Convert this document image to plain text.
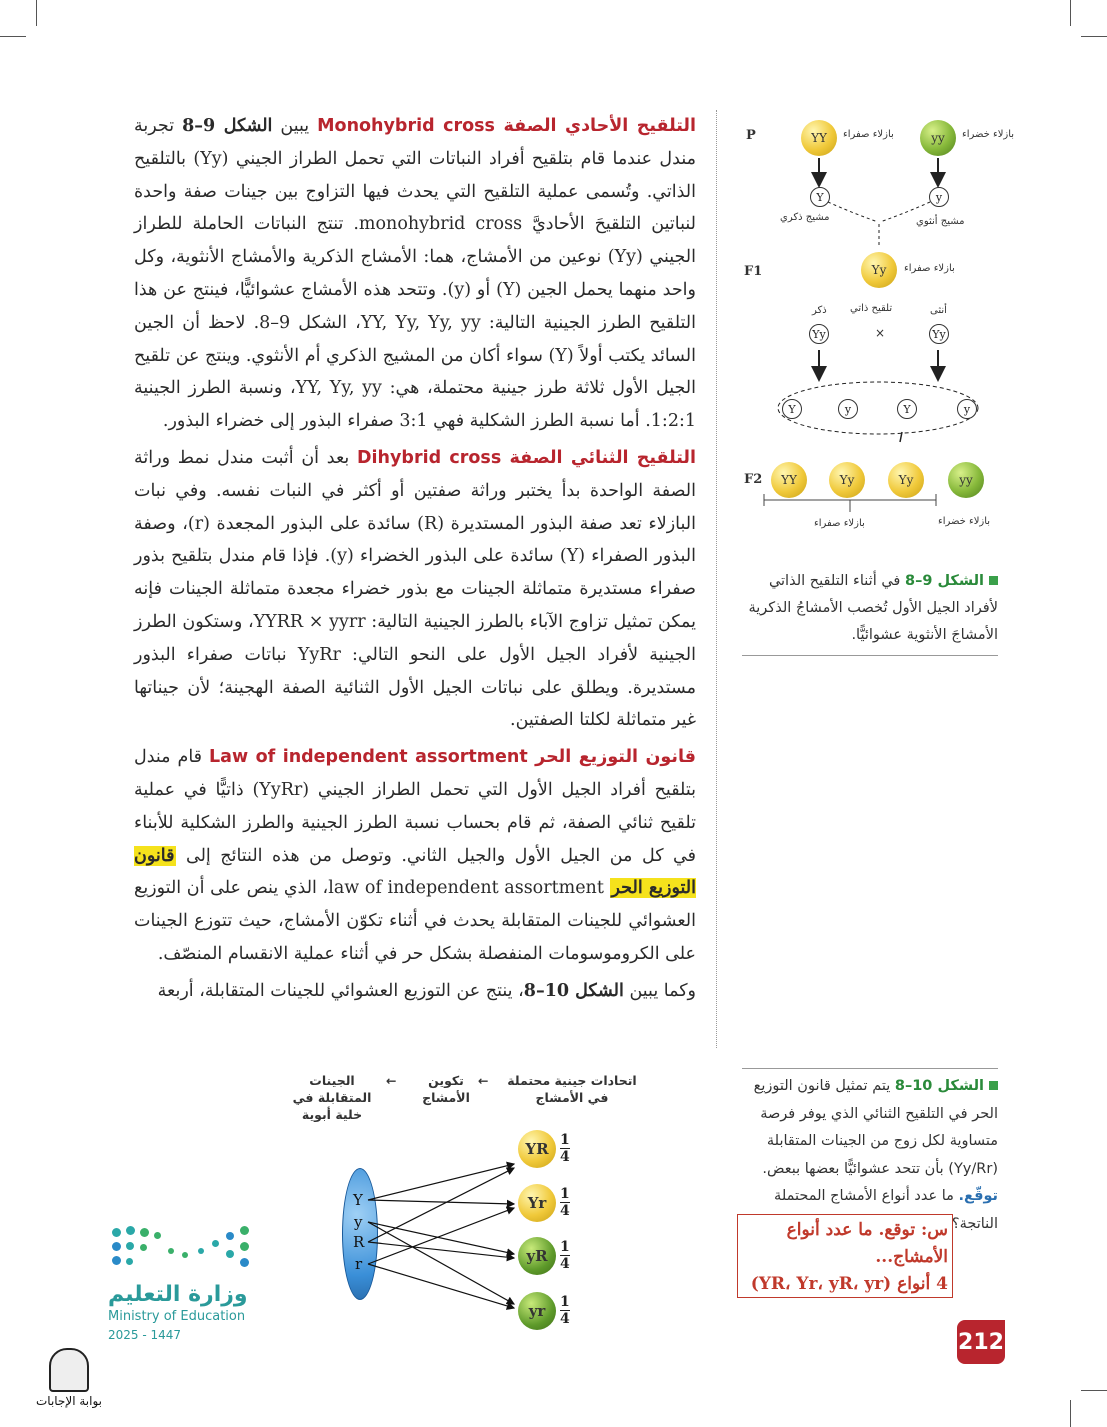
التلقيح الأحادي الصفة Monohybrid cross يبين الشكل 9–8 تجربة مندل عندما قام بتلقيح أفراد النباتات التي تحمل الطراز الجيني (Yy) بالتلقيح الذاتي. وتُسمى عملية التلقيح التي يحدث فيها التزاوج بين جينات صفة واحدة لنباتين التلقيحَ الأحاديَّ monohybrid cross. تنتج النباتات الحاملة للطراز الجيني (Yy) نوعين من الأمشاج، هما: الأمشاج الذكرية والأمشاج الأنثوية، وكل واحد منهما يحمل الجين (Y) أو (y). وتتحد هذه الأمشاج عشوائيًّا، فينتج عن هذا التلقيح الطرز الجينية التالية: YY, Yy, Yy, yy، الشكل 9–8. لاحظ أن الجين السائد يكتب أولاً (Y) سواء أكان من المشيج الذكري أم الأنثوي. وينتج عن تلقيح الجيل الأول ثلاثة طرز جينية محتملة، هي: YY, Yy, yy، ونسبة الطرز الجينية 1:2:1. أما نسبة الطرز الشكلية فهي 3:1 صفراء البذور إلى خضراء البذور.

التلقيح الثنائي الصفة Dihybrid cross بعد أن أثبت مندل نمط وراثة الصفة الواحدة بدأ يختبر وراثة صفتين أو أكثر في النبات نفسه. وفي نبات البازلاء تعد صفة البذور المستديرة (R) سائدة على البذور المجعدة (r)، وصفة البذور الصفراء (Y) سائدة على البذور الخضراء (y). فإذا قام مندل بتلقيح بذور صفراء مستديرة متماثلة الجينات مع بذور خضراء مجعدة متماثلة الجينات فإنه يمكن تمثيل تزاوج الآباء بالطرز الجينية التالية: YYRR × yyrr، وستكون الطرز الجينية لأفراد الجيل الأول على النحو التالي: YyRr نباتات صفراء البذور مستديرة. ويطلق على نباتات الجيل الأول الثنائية الصفة الهجينة؛ لأن جيناتها غير متماثلة لكلتا الصفتين.

قانون التوزيع الحر Law of independent assortment قام مندل بتلقيح أفراد الجيل الأول التي تحمل الطراز الجيني (YyRr) ذاتيًّا في عملية تلقيح ثنائي الصفة، ثم قام بحساب نسبة الطرز الجينية والطرز الشكلية للأبناء في كل من الجيل الأول والجيل الثاني. وتوصل من هذه النتائج إلى قانون التوزيع الحر law of independent assortment، الذي ينص على أن التوزيع العشوائي للجينات المتقابلة يحدث في أثناء تكوّن الأمشاج، حيث تتوزع الجينات على الكروموسومات المنفصلة بشكل حر في أثناء عملية الانقسام المنصّف.

وكما يبين الشكل 10–8، ينتج عن التوزيع العشوائي للجينات المتقابلة، أربعة

P	بازلاء صفراء
YY	بازلاء خضراء
yy
Y	y
مشيج ذكري	مشيج أنثوي
F1	Yy	بازلاء صفراء
ذكر تلقيح ذاتي	أنثى
Yy	×	Yy
Y	y	Y	y
F2	YY	Yy	Yy	yy
بازلاء صفراء	بازلاء خضراء
الشكل 9–8 في أثناء التلقيح الذاتي لأفراد الجيل الأول تُخصب الأمشاجُ الذكرية الأمشاجَ الأنثوية عشوائيًّا.
الجينات المتقابلة في خلية أبوية
←	تكوين الأمشاج
←	اتحادات جينية محتملة في الأمشاج
Y
y
R
r
YR
Yr
yR
yr
$\frac{1}{4}$
$\frac{1}{4}$
$\frac{1}{4}$
$\frac{1}{4}$
الشكل 10–8 يتم تمثيل قانون التوزيع الحر في التلقيح الثنائي الذي يوفر فرصة متساوية لكل زوج من الجينات المتقابلة (Yy/Rr) بأن تتحد عشوائيًّا بعضها ببعض.
توقّع. ما عدد أنواع الأمشاج المحتملة الناتجة؟
س: توقع. ما عدد أنواع
الأمشاج...
4 أنواع (YR، Yr، yR، yr)
212
وزارة التعليم
Ministry of Education
2025 - 1447
بوابة الإجابات
